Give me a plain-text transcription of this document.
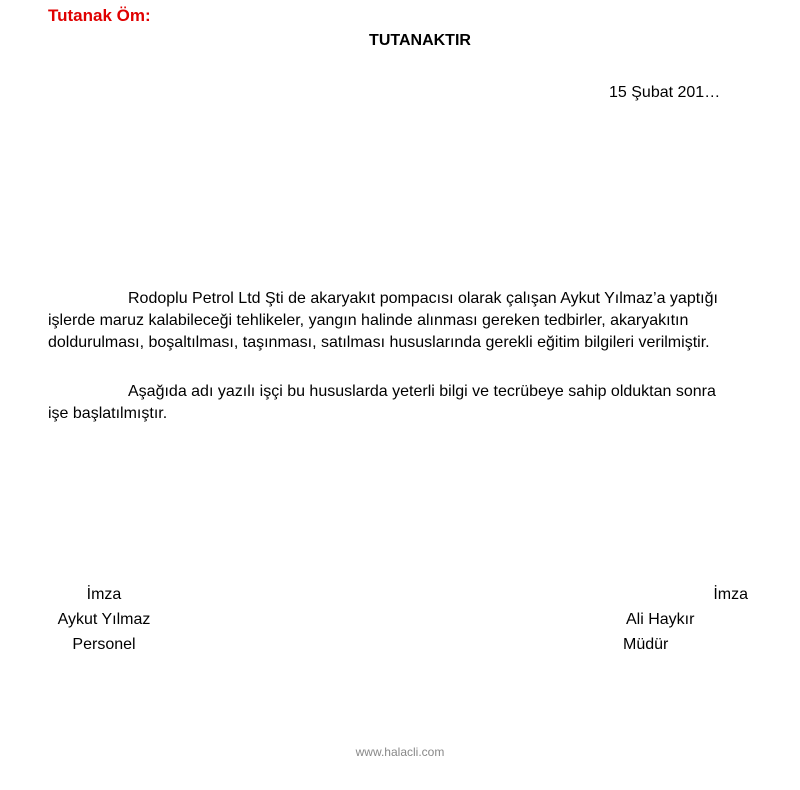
Tutanak Öm:
TUTANAKTIR
15 Şubat 201…
Rodoplu Petrol Ltd Şti de akaryakıt pompacısı olarak çalışan Aykut Yılmaz’a yaptığı
işlerde maruz kalabileceği tehlikeler, yangın halinde alınması gereken tedbirler, akaryakıtın
doldurulması, boşaltılması, taşınması, satılması hususlarında gerekli eğitim bilgileri verilmiştir.
Aşağıda adı yazılı işçi bu hususlarda yeterli bilgi ve tecrübeye sahip olduktan sonra
işe başlatılmıştır.
İmza
Aykut Yılmaz
Personel
İmza
Ali Haykır
Müdür
www.halacli.com
